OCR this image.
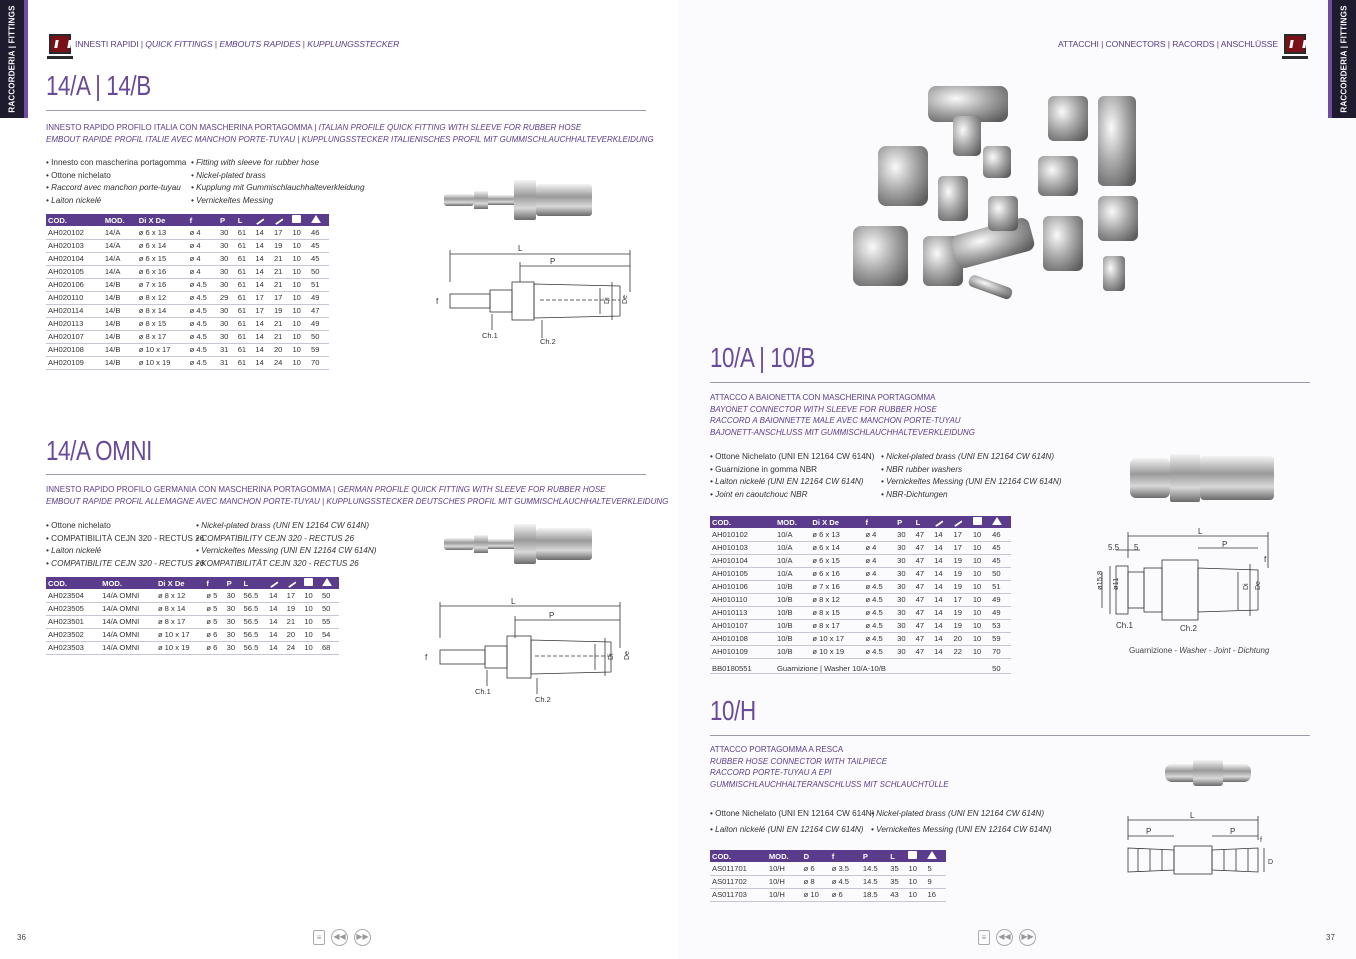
RACCORDERIA | FITTINGS	INNESTI RAPIDI | QUICK FITTINGS | EMBOUTS RAPIDES | KUPPLUNGSSTECKER
14/A | 14/B
INNESTO RAPIDO PROFILO ITALIA CON MASCHERINA PORTAGOMMA | ITALIAN PROFILE QUICK FITTING WITH SLEEVE FOR RUBBER HOSE
EMBOUT RAPIDE PROFIL ITALIE AVEC MANCHON PORTE-TUYAU | KUPPLUNGSSTECKER ITALIENISCHES PROFIL MIT GUMMISCHLAUCHHALTEVERKLEIDUNG
• Innesto con mascherina portagomma
• Ottone nichelato
• Raccord avec manchon porte-tuyau
• Laiton nickelé
• Fitting with sleeve for rubber hose
• Nickel-plated brass
• Kupplung mit Gummischlauchhalteverkleidung
• Vernickeltes Messing
COD.	MOD.	Di X De	f	P	L				
AH020102	14/A	ø 6 x 13	ø 4	30	61	14	17	10	46
AH020103	14/A	ø 6 x 14	ø 4	30	61	14	19	10	45
AH020104	14/A	ø 6 x 15	ø 4	30	61	14	21	10	45
AH020105	14/A	ø 6 x 16	ø 4	30	61	14	21	10	50
AH020106	14/B	ø 7 x 16	ø 4.5	30	61	14	21	10	51
AH020110	14/B	ø 8 x 12	ø 4.5	29	61	17	17	10	49
AH020114	14/B	ø 8 x 14	ø 4.5	30	61	17	19	10	47
AH020113	14/B	ø 8 x 15	ø 4.5	30	61	14	21	10	49
AH020107	14/B	ø 8 x 17	ø 4.5	30	61	14	21	10	50
AH020108	14/B	ø 10 x 17	ø 4.5	31	61	14	20	10	59
AH020109	14/B	ø 10 x 19	ø 4.5	31	61	14	24	10	70
L
P
f	Di De
Ch.1
Ch.2
14/A OMNI
INNESTO RAPIDO PROFILO GERMANIA CON MASCHERINA PORTAGOMMA | GERMAN PROFILE QUICK FITTING WITH SLEEVE FOR RUBBER HOSE
EMBOUT RAPIDE PROFIL ALLEMAGNE AVEC MANCHON PORTE-TUYAU | KUPPLUNGSSTECKER DEUTSCHES PROFIL MIT GUMMISCHLAUCHHALTEVERKLEIDUNG
• Ottone nichelato
• COMPATIBILITÀ CEJN 320 - RECTUS 26
• Laiton nickelé
• COMPATIBILITE CEJN 320 - RECTUS 26
• Nickel-plated brass (UNI EN 12164 CW 614N)
• COMPATIBILITY CEJN 320 - RECTUS 26
• Vernickeltes Messing (UNI EN 12164 CW 614N)
• KOMPATIBILITÄT CEJN 320 - RECTUS 26
COD.	MOD.	Di X De	f	P	L				
AH023504	14/A OMNI	ø 8 x 12	ø 5	30	56.5	14	17	10	50
AH023505	14/A OMNI	ø 8 x 14	ø 5	30	56.5	14	19	10	50
AH023501	14/A OMNI	ø 8 x 17	ø 5	30	56.5	14	21	10	55
AH023502	14/A OMNI	ø 10 x 17	ø 6	30	56.5	14	20	10	54
AH023503	14/A OMNI	ø 10 x 19	ø 6	30	56.5	14	24	10	68
L
P
f	Di De
Ch.1
Ch.2
36	≡	◀◀ ▶▶
RACCORDERIA | FITTINGS
ATTACCHI | CONNECTORS | RACORDS | ANSCHLÜSSE
10/A | 10/B
ATTACCO A BAIONETTA CON MASCHERINA PORTAGOMMA
BAYONET CONNECTOR WITH SLEEVE FOR RUBBER HOSE
RACCORD A BAIONNETTE MALE AVEC MANCHON PORTE-TUYAU
BAJONETT-ANSCHLUSS MIT GUMMISCHLAUCHHALTEVERKLEIDUNG
• Ottone Nichelato (UNI EN 12164 CW 614N)
• Guarnizione in gomma NBR
• Laiton nickelé (UNI EN 12164 CW 614N)
• Joint en caoutchouc NBR
• Nickel-plated brass (UNI EN 12164 CW 614N)
• NBR rubber washers
• Vernickeltes Messing (UNI EN 12164 CW 614N)
• NBR-Dichtungen
COD.	MOD.	Di X De	f	P	L				
AH010102	10/A	ø 6 x 13	ø 4	30	47	14	17	10	46
AH010103	10/A	ø 6 x 14	ø 4	30	47	14	17	10	45
AH010104	10/A	ø 6 x 15	ø 4	30	47	14	19	10	45
AH010105	10/A	ø 6 x 16	ø 4	30	47	14	19	10	50
AH010106	10/B	ø 7 x 16	ø 4.5	30	47	14	19	10	51
AH010110	10/B	ø 8 x 12	ø 4.5	30	47	14	17	10	49
AH010113	10/B	ø 8 x 15	ø 4.5	30	47	14	19	10	49
AH010107	10/B	ø 8 x 17	ø 4.5	30	47	14	19	10	53
AH010108	10/B	ø 10 x 17	ø 4.5	30	47	14	20	10	59
AH010109	10/B	ø 10 x 19	ø 4.5	30	47	14	22	10	70
BB0180551	Guarnizione | Washer 10/A-10/B								50
5.5 5
L
P
f
ø15.8 ø11	Di De
Ch.1	Ch.2
Guarnizione - Washer - Joint - Dichtung
10/H
ATTACCO PORTAGOMMA A RESCA
RUBBER HOSE CONNECTOR WITH TAILPIECE
RACCORD PORTE-TUYAU A EPI
GUMMISCHLAUCHHALTERANSCHLUSS MIT SCHLAUCHTÜLLE
• Ottone Nichelato (UNI EN 12164 CW 614N)
• Laiton nickelé (UNI EN 12164 CW 614N)
• Nickel-plated brass (UNI EN 12164 CW 614N)
• Vernickeltes Messing (UNI EN 12164 CW 614N)
COD.	MOD.	D	f	P	L		
AS011701	10/H	ø 6	ø 3.5	14.5	35	10	5
AS011702	10/H	ø 8	ø 4.5	14.5	35	10	9
AS011703	10/H	ø 10	ø 6	18.5	43	10	16
L
P	P
f
D
37
≡	◀◀ ▶▶
